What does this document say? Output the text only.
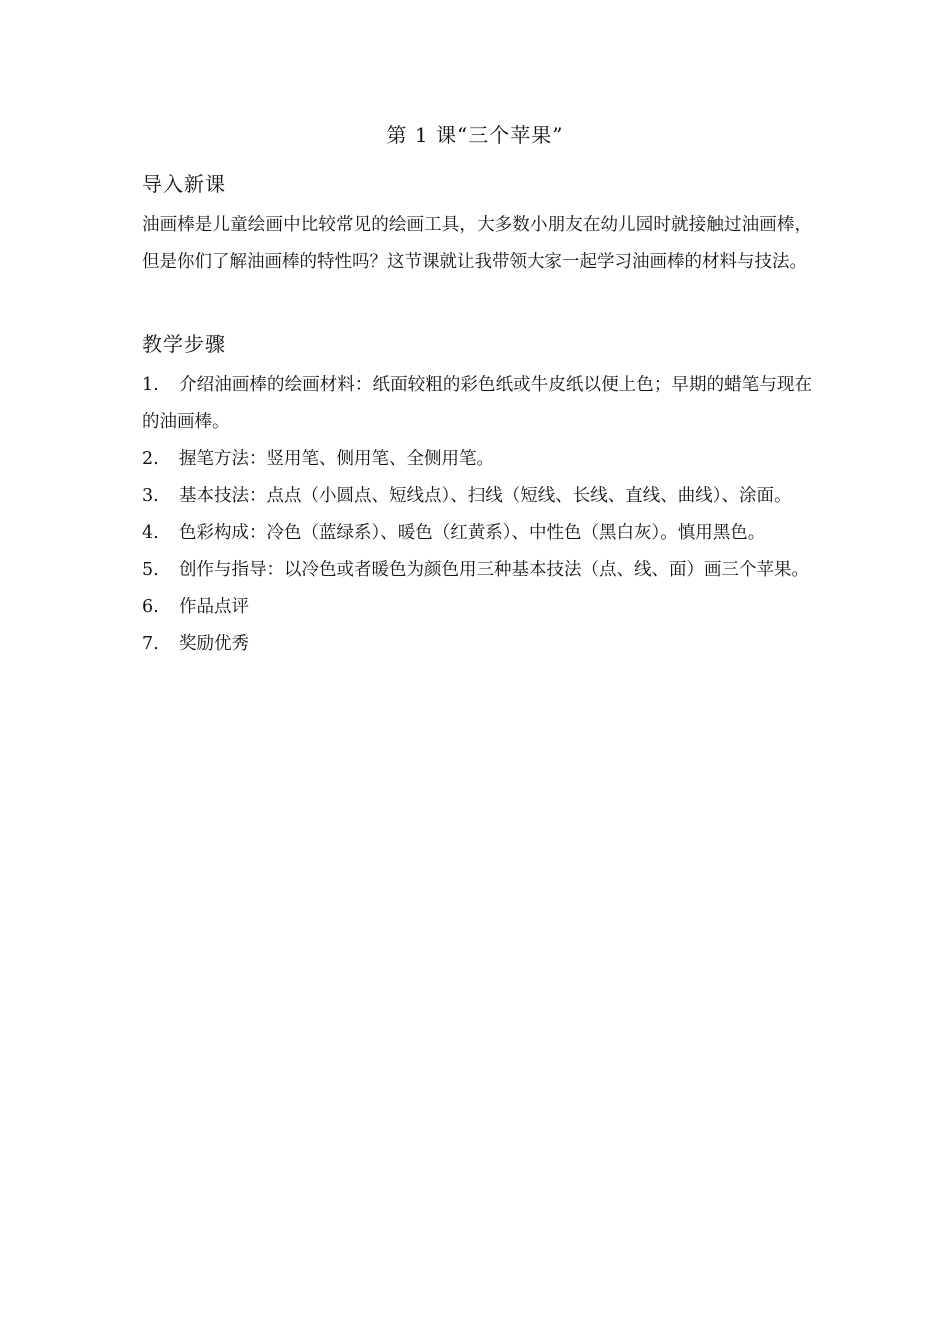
第 1 课“三个苹果”
导入新课

油画棒是儿童绘画中比较常见的绘画工具，大多数小朋友在幼儿园时就接触过油画棒，但是你们了解油画棒的特性吗？这节课就让我带领大家一起学习油画棒的材料与技法。

教学步骤
1. 介绍油画棒的绘画材料：纸面较粗的彩色纸或牛皮纸以便上色；早期的蜡笔与现在的油画棒。
2. 握笔方法：竖用笔、侧用笔、全侧用笔。
3. 基本技法：点点（小圆点、短线点）、扫线（短线、长线、直线、曲线）、涂面。
4. 色彩构成：冷色（蓝绿系）、暖色（红黄系）、中性色（黑白灰）。慎用黑色。
5. 创作与指导：以冷色或者暖色为颜色用三种基本技法（点、线、面）画三个苹果。
6. 作品点评
7. 奖励优秀
